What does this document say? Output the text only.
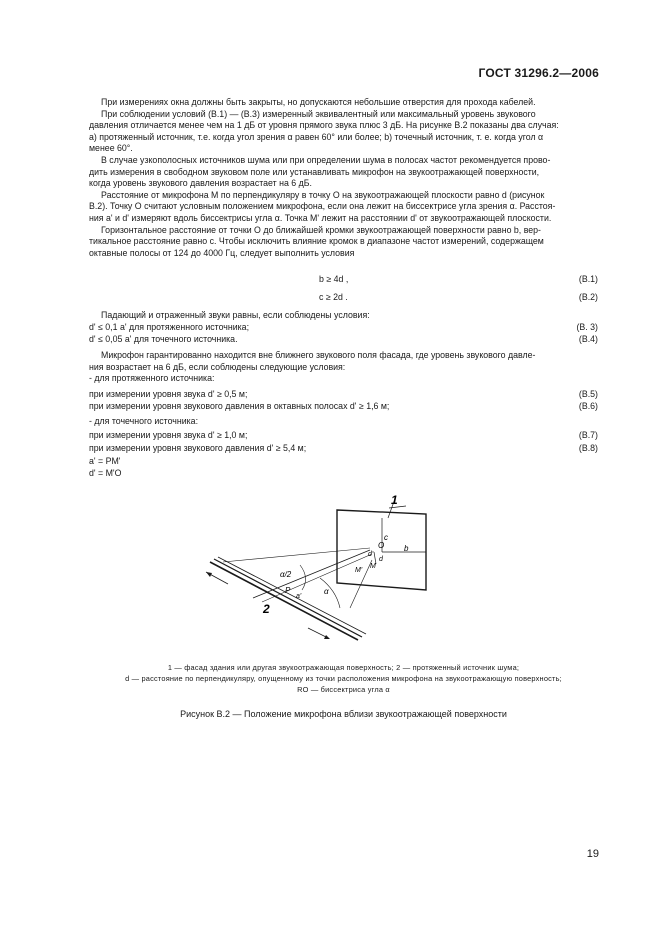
ГОСТ 31296.2—2006
При измерениях окна должны быть закрыты, но допускаются небольшие отверстия для прохода кабелей.
При соблюдении условий (В.1) — (В.3) измеренный эквивалентный или максимальный уровень звукового
давления отличается менее чем на 1 дБ от уровня прямого звука плюс 3 дБ. На рисунке В.2 показаны два случая:
а) протяженный источник, т.е. когда угол зрения α равен 60° или более; b) точечный источник, т. е. когда угол α
менее 60°.
В случае узкополосных источников шума или при определении шума в полосах частот рекомендуется прово-
дить измерения в свободном звуковом поле или устанавливать микрофон на звукоотражающей поверхности,
когда уровень звукового давления возрастает на 6 дБ.
Расстояние от микрофона M по перпендикуляру в точку O на звукоотражающей плоскости равно d (рисунок
В.2). Точку O считают условным положением микрофона, если она лежит на биссектрисе угла зрения α. Расстоя-
ния a' и d' измеряют вдоль биссектрисы угла α. Точка M' лежит на расстоянии d' от звукоотражающей плоскости.
Горизонтальное расстояние от точки O до ближайшей кромки звукоотражающей поверхности равно b, вер-
тикальное расстояние равно c. Чтобы исключить влияние кромок в диапазоне частот измерений, содержащем
октавные полосы от 124 до 4000 Гц, следует выполнить условия
b ≥ 4d ,	(В.1)
c ≥ 2d .	(В.2)
Падающий и отраженный звуки равны, если соблюдены условия:
d' ≤ 0,1 a' для протяженного источника;	(В. 3)
d' ≤ 0,05 a' для точечного источника.	(В.4)
Микрофон гарантированно находится вне ближнего звукового поля фасада, где уровень звукового давле-
ния возрастает на 6 дБ, если соблюдены следующие условия:
- для протяженного источника:
при измерении уровня звука d' ≥ 0,5 м;	(В.5)
при измерении уровня звукового давления в октавных полосах d' ≥ 1,6 м;	(В.6)
- для точечного источника:
при измерении уровня звука d' ≥ 1,0 м;	(В.7)
при измерении уровня звукового давления d' ≥ 5,4 м;	(В.8)
a' = PM'
d' = M'O
1
2
c
b
O
d'
d
M
M'
P
α/2
α
a'
1 — фасад здания или другая звукоотражающая поверхность; 2 — протяженный источник шума;
d — расстояние по перпендикуляру, опущенному из точки расположения микрофона на звукоотражающую поверхность;
RO — биссектриса угла α
Рисунок В.2 — Положение микрофона вблизи звукоотражающей поверхности
19
